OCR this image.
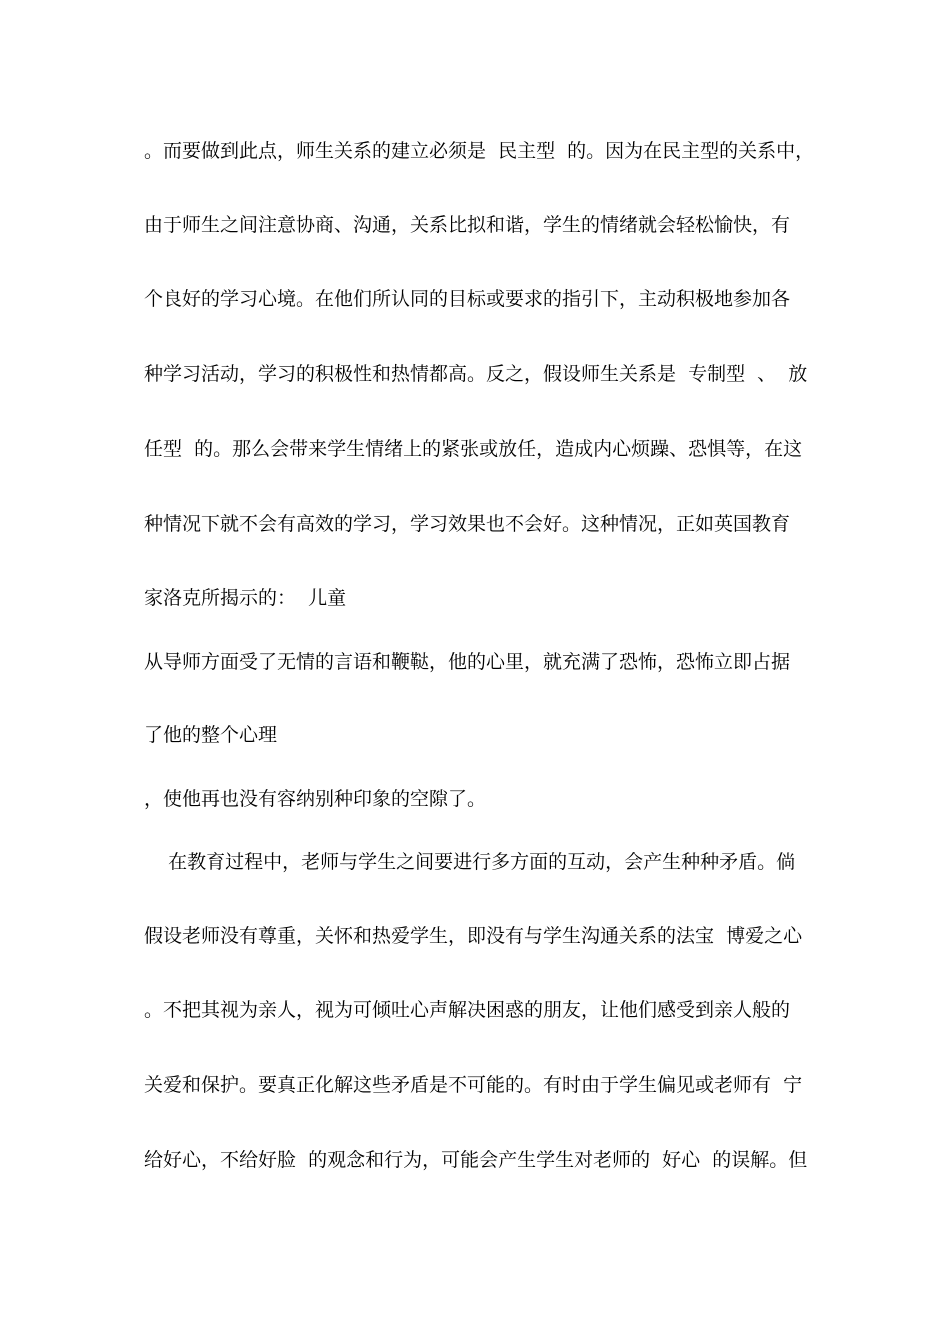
。而要做到此点，师生关系的建立必须是  民主型  的。因为在民主型的关系中，
由于师生之间注意协商、沟通，关系比拟和谐，学生的情绪就会轻松愉快，有
个良好的学习心境。在他们所认同的目标或要求的指引下，主动积极地参加各
种学习活动，学习的积极性和热情都高。反之，假设师生关系是  专制型  、  放
任型  的。那么会带来学生情绪上的紧张或放任，造成内心烦躁、恐惧等，在这
种情况下就不会有高效的学习，学习效果也不会好。这种情况，正如英国教育
家洛克所揭示的：  儿童
从导师方面受了无情的言语和鞭鞑，他的心里，就充满了恐怖，恐怖立即占据
了他的整个心理
，使他再也没有容纳别种印象的空隙了。
在教育过程中，老师与学生之间要进行多方面的互动，会产生种种矛盾。倘
假设老师没有尊重，关怀和热爱学生，即没有与学生沟通关系的法宝  博爱之心
。不把其视为亲人，视为可倾吐心声解决困惑的朋友，让他们感受到亲人般的
关爱和保护。要真正化解这些矛盾是不可能的。有时由于学生偏见或老师有  宁
给好心，不给好脸  的观念和行为，可能会产生学生对老师的  好心  的误解。但
